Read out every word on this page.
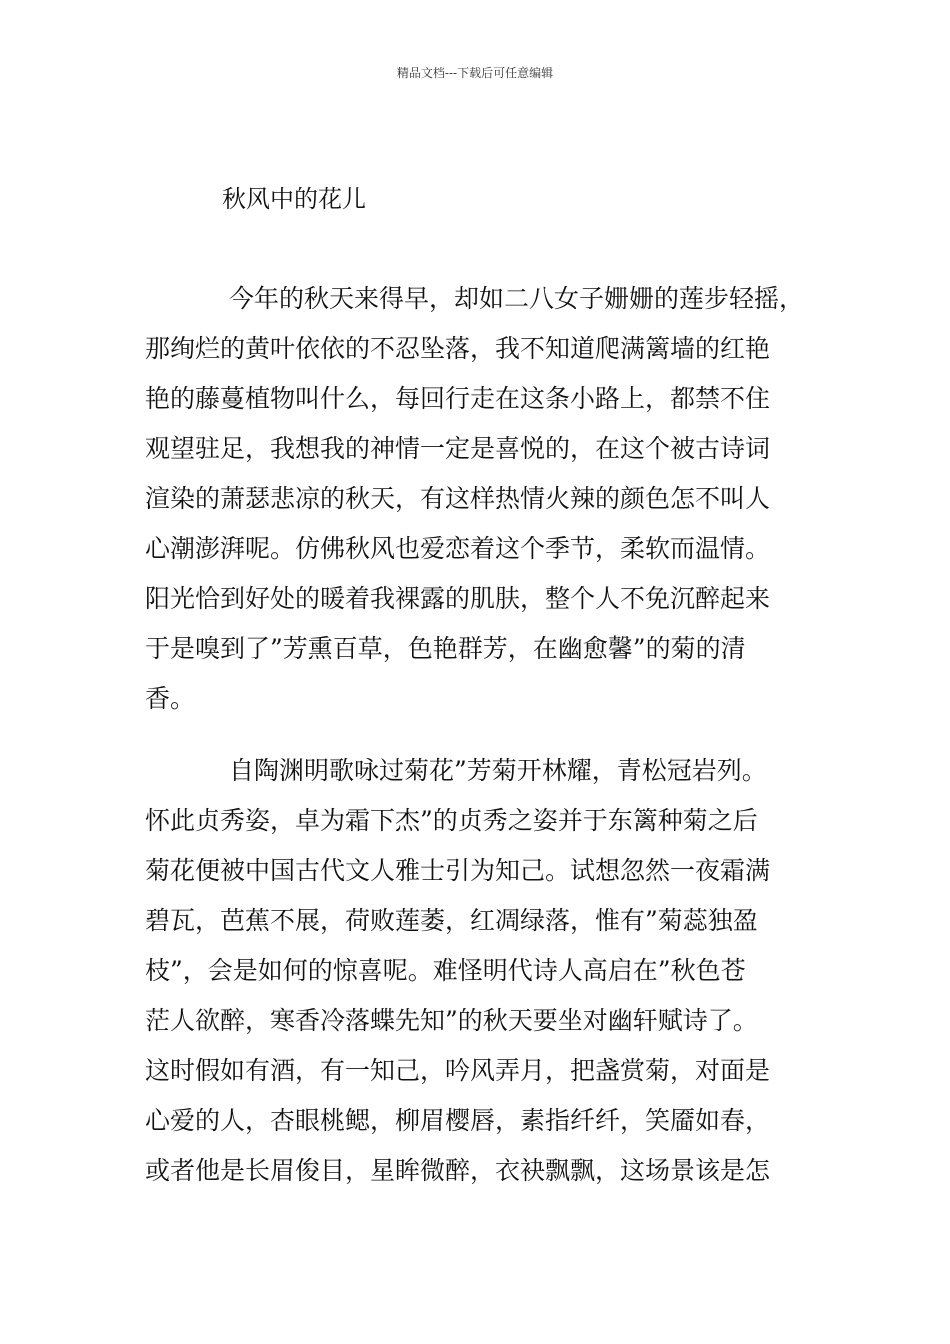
精品文档---下载后可任意编辑
秋风中的花儿
今年的秋天来得早，却如二八女子姗姗的莲步轻摇，
那绚烂的黄叶依依的不忍坠落，我不知道爬满篱墙的红艳
艳的藤蔓植物叫什么，每回行走在这条小路上，都禁不住
观望驻足，我想我的神情一定是喜悦的，在这个被古诗词
渲染的萧瑟悲凉的秋天，有这样热情火辣的颜色怎不叫人
心潮澎湃呢。仿佛秋风也爱恋着这个季节，柔软而温情。
阳光恰到好处的暖着我裸露的肌肤，整个人不免沉醉起来
于是嗅到了”芳熏百草，色艳群芳，在幽愈馨”的菊的清
香。
自陶渊明歌咏过菊花”芳菊开林耀，青松冠岩列。
怀此贞秀姿，卓为霜下杰”的贞秀之姿并于东篱种菊之后
菊花便被中国古代文人雅士引为知己。试想忽然一夜霜满
碧瓦，芭蕉不展，荷败莲萎，红凋绿落，惟有”菊蕊独盈
枝”，会是如何的惊喜呢。难怪明代诗人高启在”秋色苍
茫人欲醉，寒香冷落蝶先知”的秋天要坐对幽轩赋诗了。
这时假如有酒，有一知己，吟风弄月，把盏赏菊，对面是
心爱的人，杏眼桃鳃，柳眉樱唇，素指纤纤，笑靥如春，
或者他是长眉俊目，星眸微醉，衣袂飘飘，这场景该是怎
